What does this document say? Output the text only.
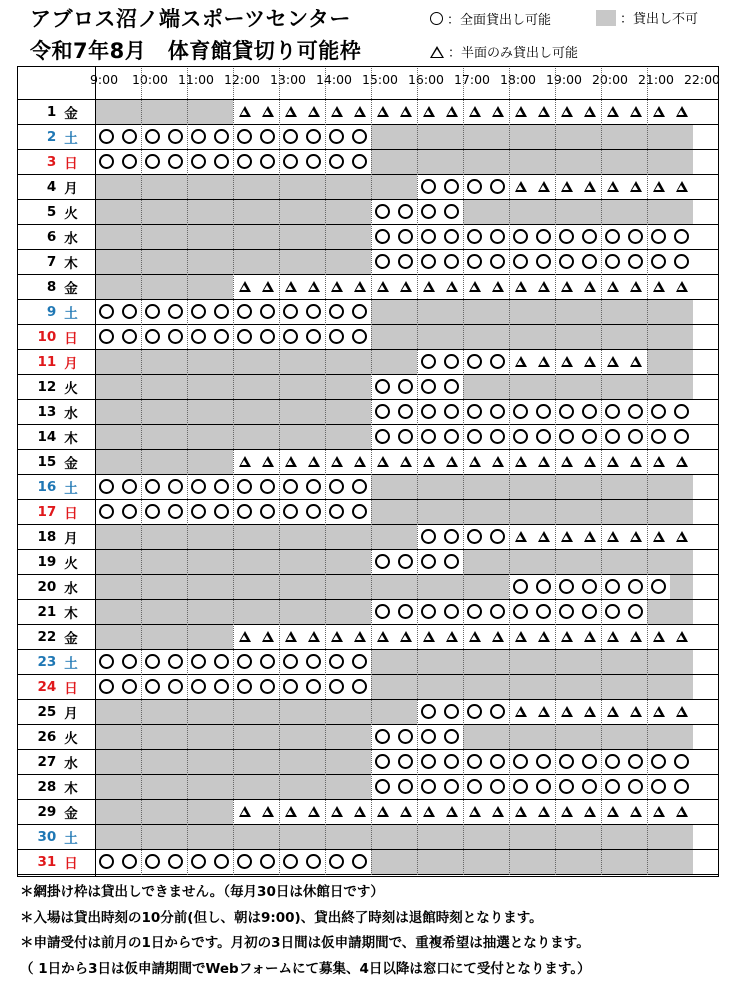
アブロス沼ノ端スポーツセンター
令和7年8月　体育館貸切り可能枠
：全面貸出し可能	：貸出し不可
：半面のみ貸出し可能
9:00	10:00 11:00 12:00 13:00 14:00 15:00 16:00 17:00 18:00 19:00 20:00 21:00 22:00
1 金
2 土
3 日
4 月
5 火
6 水
7 木
8 金
9 土
10 日
11 月
12 火
13 水
14 木
15 金
16 土
17 日
18 月
19 火
20 水
21 木
22 金
23 土
24 日
25 月
26 火
27 水
28 木
29 金
30 土
31 日
＊網掛け枠は貸出しできません。（毎月30日は休館日です）
＊入場は貸出時刻の10分前(但し、朝は9:00)、貸出終了時刻は退館時刻となります。
＊申請受付は前月の1日からです。月初の3日間は仮申請期間で、重複希望は抽選となります。
（ 1日から3日は仮申請期間でWebフォームにて募集、4日以降は窓口にて受付となります。）
